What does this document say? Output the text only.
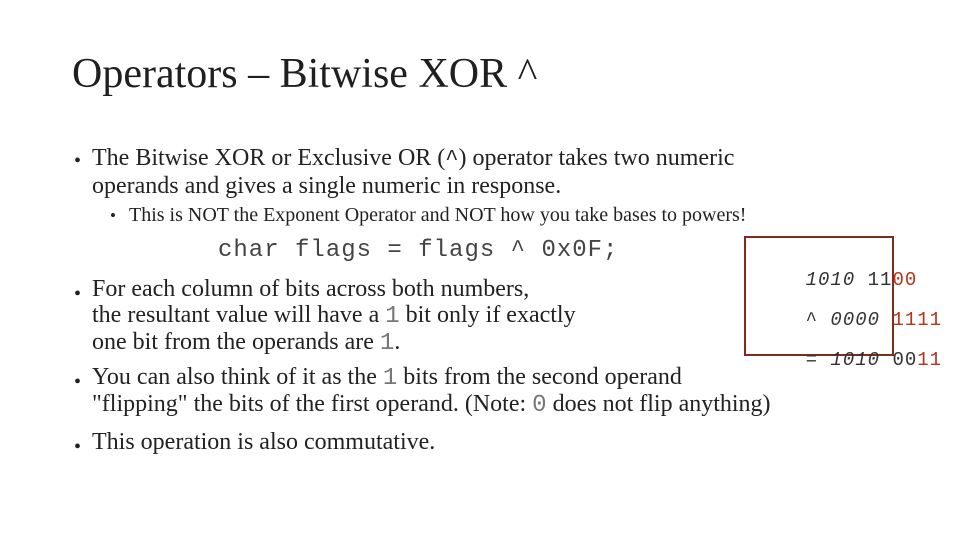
Operators – Bitwise XOR ^
• The Bitwise XOR or Exclusive OR (^) operator takes two numeric
operands and gives a single numeric in response.
• This is NOT the Exponent Operator and NOT how you take bases to powers!
char flags = flags ^ 0x0F;

1010 1100

^ 0000 1111

= 1010 0011

• For each column of bits across both numbers,
the resultant value will have a 1 bit only if exactly
one bit from the operands are 1.
• You can also think of it as the 1 bits from the second operand
"flipping" the bits of the first operand. (Note: 0 does not flip anything)
• This operation is also commutative.
